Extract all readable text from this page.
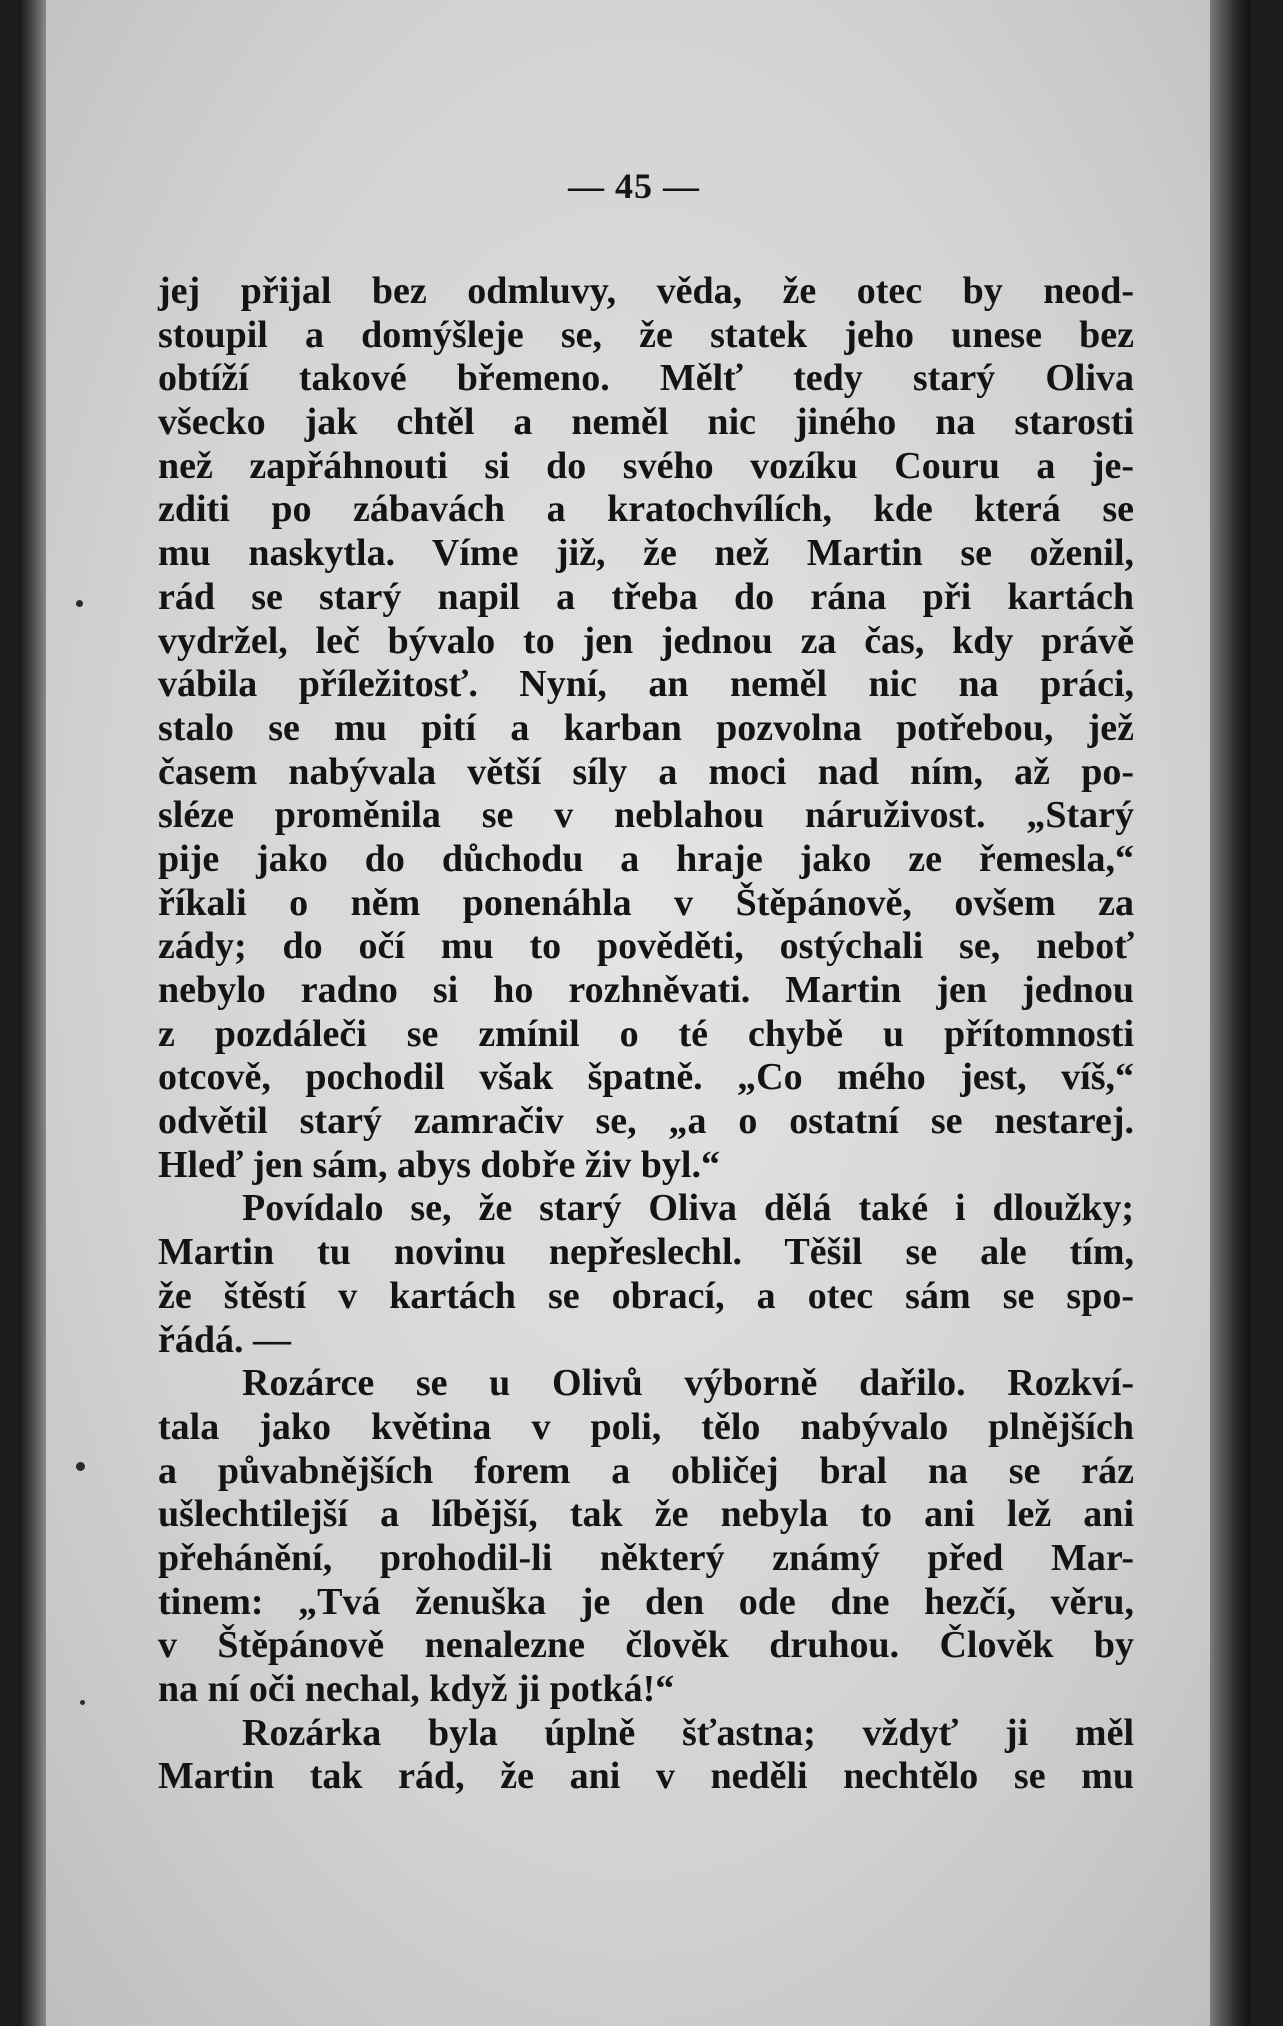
— 45 —
jej přijal bez odmluvy, věda, že otec by neod-
stoupil a domýšleje se, že statek jeho unese bez
obtíží takové břemeno. Mělť tedy starý Oliva
všecko jak chtěl a neměl nic jiného na starosti
než zapřáhnouti si do svého vozíku Couru a je-
zditi po zábavách a kratochvílích, kde která se
mu naskytla. Víme již, že než Martin se oženil,
rád se starý napil a třeba do rána při kartách
vydržel, leč bývalo to jen jednou za čas, kdy právě
vábila příležitosť. Nyní, an neměl nic na práci,
stalo se mu pití a karban pozvolna potřebou, jež
časem nabývala větší síly a moci nad ním, až po-
sléze proměnila se v neblahou náruživost. „Starý
pije jako do důchodu a hraje jako ze řemesla,“
říkali o něm ponenáhla v Štěpánově, ovšem za
zády; do očí mu to pověděti, ostýchali se, neboť
nebylo radno si ho rozhněvati. Martin jen jednou
z pozdáleči se zmínil o té chybě u přítomnosti
otcově, pochodil však špatně. „Co mého jest, víš,“
odvětil starý zamračiv se, „a o ostatní se nestarej.
Hleď jen sám, abys dobře živ byl.“
Povídalo se, že starý Oliva dělá také i dloužky;
Martin tu novinu nepřeslechl. Těšil se ale tím,
že štěstí v kartách se obrací, a otec sám se spo-
řádá. —
Rozárce se u Olivů výborně dařilo. Rozkví-
tala jako květina v poli, tělo nabývalo plnějších
a půvabnějších forem a obličej bral na se ráz
ušlechtilejší a líbější, tak že nebyla to ani lež ani
přehánění, prohodil-li některý známý před Mar-
tinem: „Tvá ženuška je den ode dne hezčí, věru,
v Štěpánově nenalezne člověk druhou. Člověk by
na ní oči nechal, když ji potká!“
Rozárka byla úplně šťastna; vždyť ji měl
Martin tak rád, že ani v neděli nechtělo se mu
